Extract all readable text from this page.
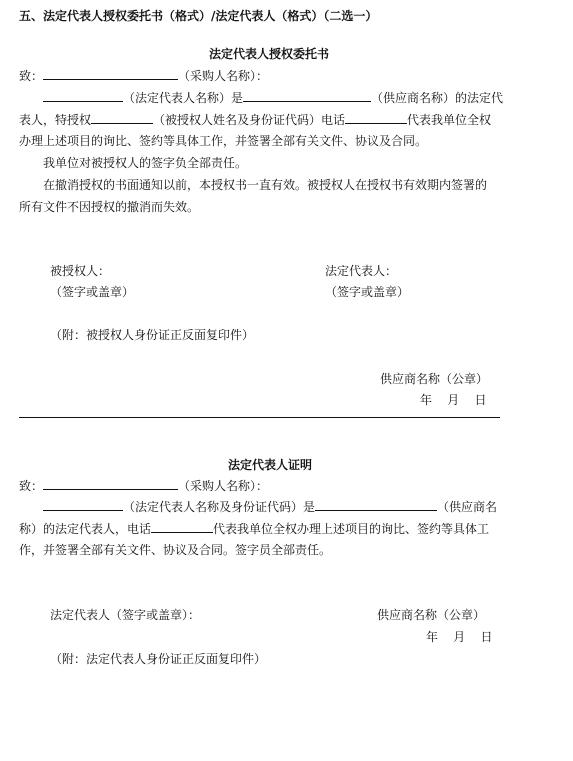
五、法定代表人授权委托书（格式）/法定代表人（格式）（二选一）
法定代表人授权委托书
致：	（采购人名称）：
（法定代表人名称）是	（供应商名称）的法定代
表人，特授权	（被授权人姓名及身份证代码）电话	代表我单位全权
办理上述项目的询比、签约等具体工作，并签署全部有关文件、协议及合同。
我单位对被授权人的签字负全部责任。
在撤消授权的书面通知以前，本授权书一直有效。被授权人在授权书有效期内签署的
所有文件不因授权的撤消而失效。
被授权人：
（签字或盖章）
法定代表人：
（签字或盖章）
（附：被授权人身份证正反面复印件）
供应商名称（公章）
年    月    日
法定代表人证明
致：	（采购人名称）：
（法定代表人名称及身份证代码）是	（供应商名
称）的法定代表人，电话	代表我单位全权办理上述项目的询比、签约等具体工
作，并签署全部有关文件、协议及合同。签字员全部责任。
法定代表人（签字或盖章）：	供应商名称（公章）
年    月    日
（附：法定代表人身份证正反面复印件）
